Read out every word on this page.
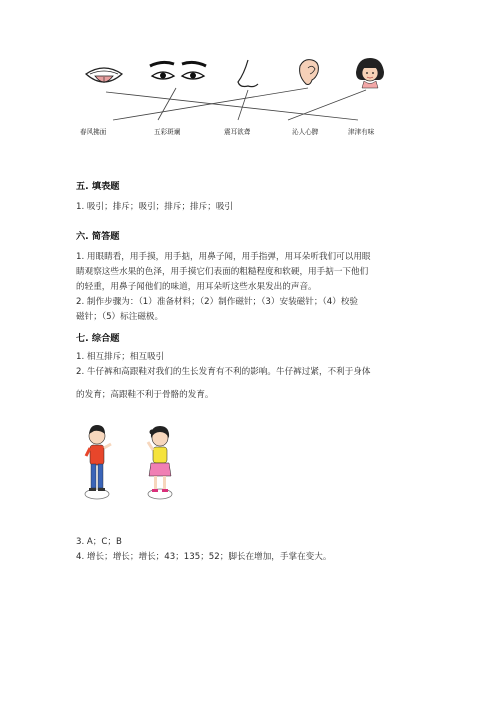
春风拂面	五彩斑斓	震耳欲聋	沁人心脾	津津有味
五. 填表题
1. 吸引；排斥；吸引；排斥；排斥；吸引
六. 简答题
1. 用眼睛看，用手摸，用手掂，用鼻子闻，用手指弹，用耳朵听我们可以用眼
睛观察这些水果的色泽，用手摸它们表面的粗糙程度和软硬，用手掂一下他们
的轻重，用鼻子闻他们的味道，用耳朵听这些水果发出的声音。
2. 制作步骤为：（1）准备材料；（2）制作磁针；（3）安装磁针；（4）校验
磁针；（5）标注磁极。
七. 综合题
1. 相互排斥；相互吸引
2. 牛仔裤和高跟鞋对我们的生长发育有不利的影响。牛仔裤过紧，不利于身体
的发育；高跟鞋不利于骨骼的发育。
3. A；C；B
4. 增长；增长；增长；43；135；52；脚长在增加，手掌在变大。
